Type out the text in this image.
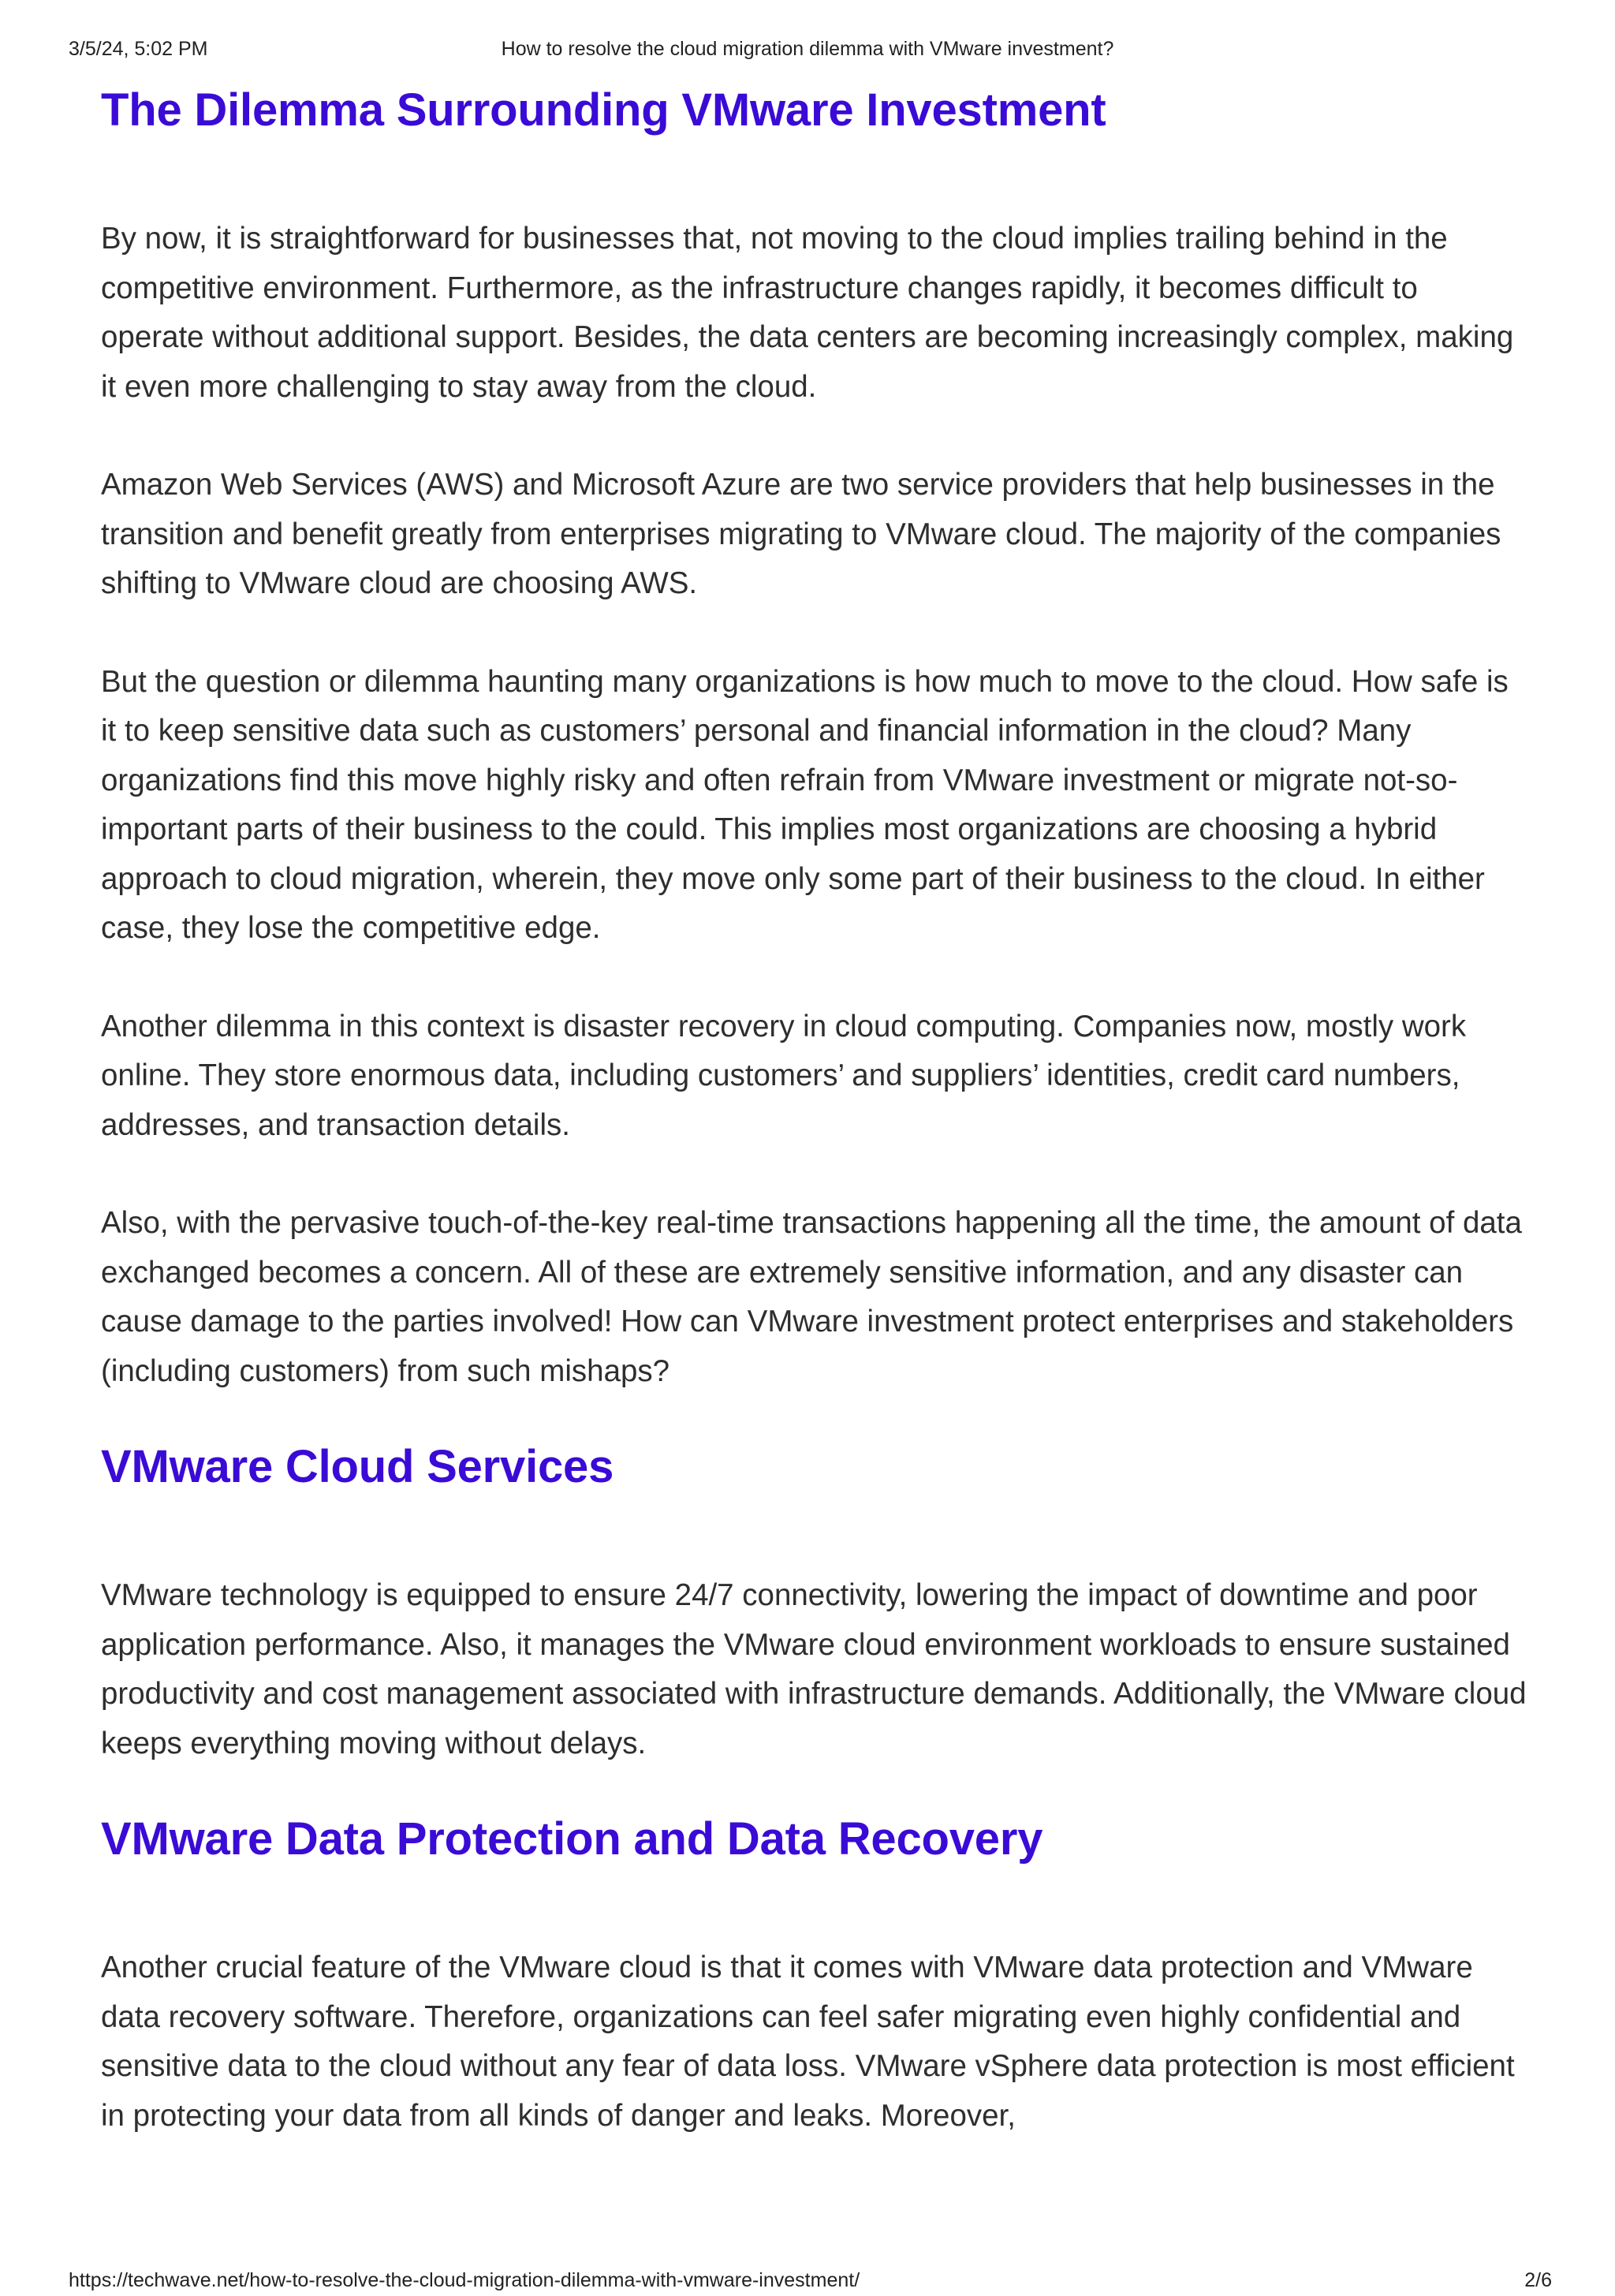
3/5/24, 5:02 PM	How to resolve the cloud migration dilemma with VMware investment?
The Dilemma Surrounding VMware Investment

By now, it is straightforward for businesses that, not moving to the cloud implies trailing behind in the competitive environment. Furthermore, as the infrastructure changes rapidly, it becomes difficult to operate without additional support. Besides, the data centers are becoming increasingly complex, making it even more challenging to stay away from the cloud.

Amazon Web Services (AWS) and Microsoft Azure are two service providers that help businesses in the transition and benefit greatly from enterprises migrating to VMware cloud. The majority of the companies shifting to VMware cloud are choosing AWS.

But the question or dilemma haunting many organizations is how much to move to the cloud. How safe is it to keep sensitive data such as customers’ personal and financial information in the cloud? Many organizations find this move highly risky and often refrain from VMware investment or migrate not-so-important parts of their business to the could. This implies most organizations are choosing a hybrid approach to cloud migration, wherein, they move only some part of their business to the cloud. In either case, they lose the competitive edge.

Another dilemma in this context is disaster recovery in cloud computing. Companies now, mostly work online. They store enormous data, including customers’ and suppliers’ identities, credit card numbers, addresses, and transaction details.

Also, with the pervasive touch-of-the-key real-time transactions happening all the time, the amount of data exchanged becomes a concern. All of these are extremely sensitive information, and any disaster can cause damage to the parties involved! How can VMware investment protect enterprises and stakeholders (including customers) from such mishaps?

VMware Cloud Services

VMware technology is equipped to ensure 24/7 connectivity, lowering the impact of downtime and poor application performance. Also, it manages the VMware cloud environment workloads to ensure sustained productivity and cost management associated with infrastructure demands. Additionally, the VMware cloud keeps everything moving without delays.

VMware Data Protection and Data Recovery

Another crucial feature of the VMware cloud is that it comes with VMware data protection and VMware data recovery software. Therefore, organizations can feel safer migrating even highly confidential and sensitive data to the cloud without any fear of data loss. VMware vSphere data protection is most efficient in protecting your data from all kinds of danger and leaks. Moreover,

https://techwave.net/how-to-resolve-the-cloud-migration-dilemma-with-vmware-investment/	2/6
